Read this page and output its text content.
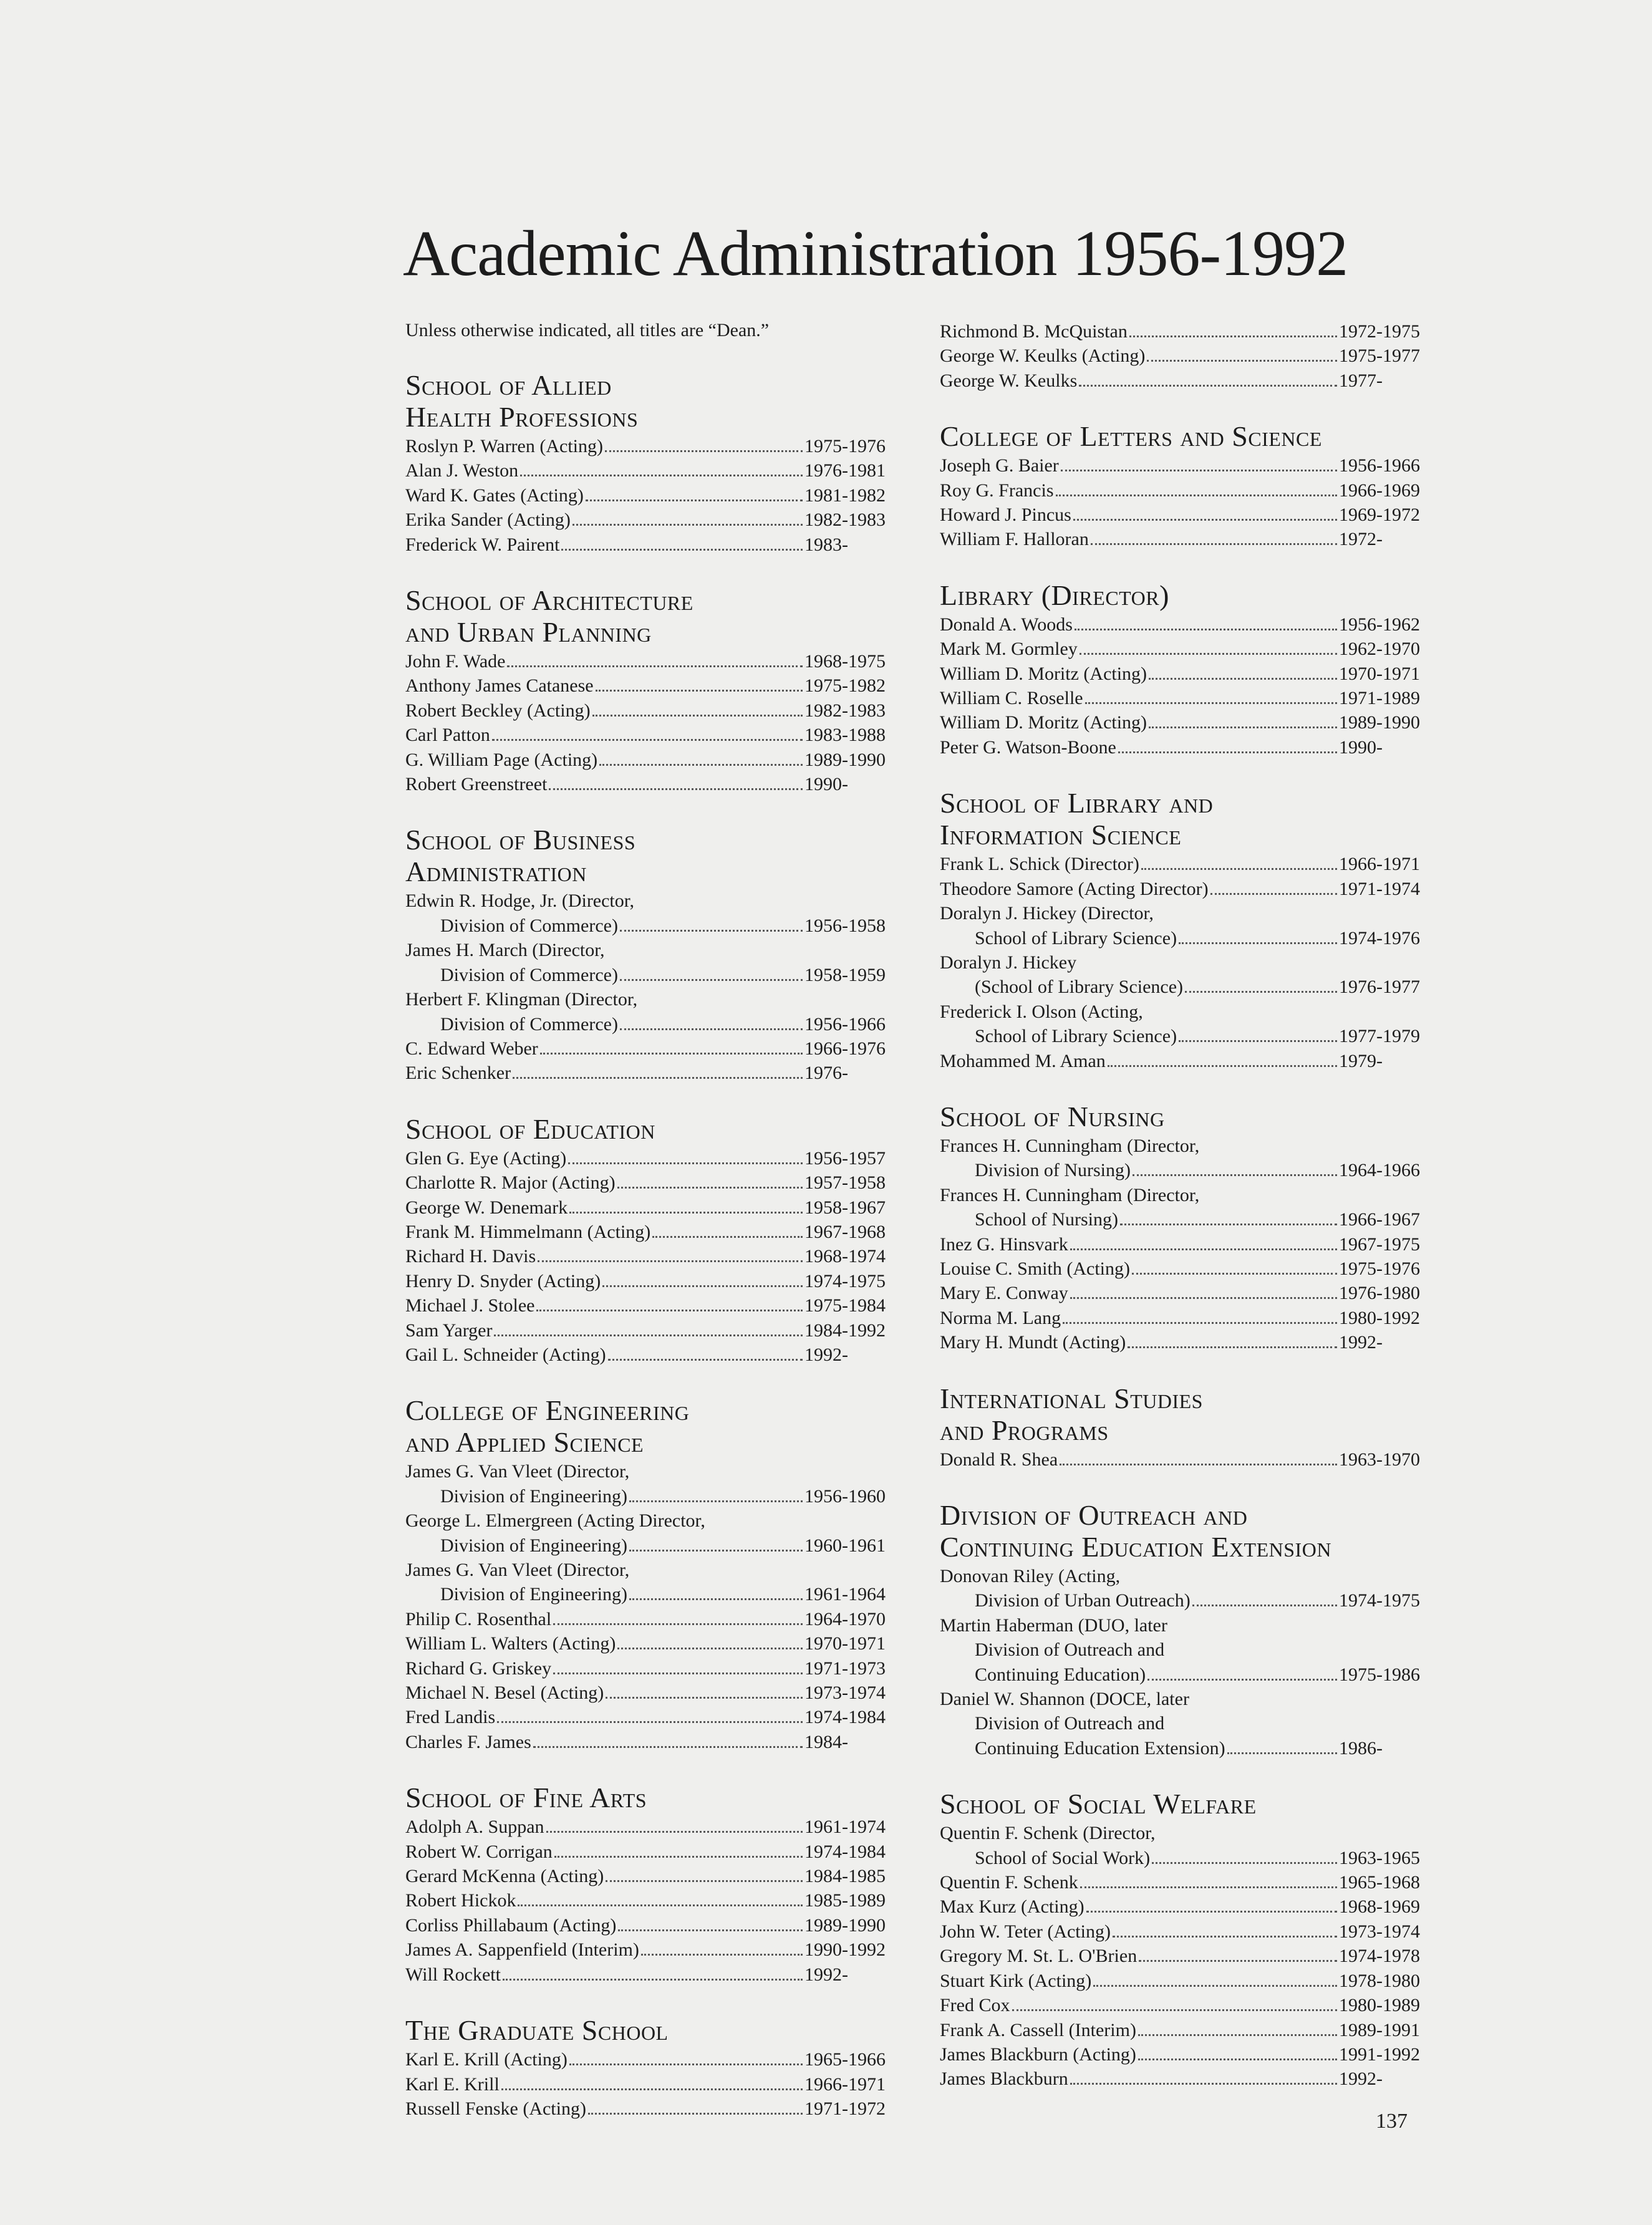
Academic Administration 1956-1992

Unless otherwise indicated, all titles are “Dean.”

School of Allied
Health Professions
Roslyn P. Warren (Acting)	1975-1976
Alan J. Weston	1976-1981
Ward K. Gates (Acting)	1981-1982
Erika Sander (Acting)	1982-1983
Frederick W. Pairent	1983-
School of Architecture
and Urban Planning
John F. Wade	1968-1975
Anthony James Catanese	1975-1982
Robert Beckley (Acting)	1982-1983
Carl Patton	1983-1988
G. William Page (Acting)	1989-1990
Robert Greenstreet	1990-
School of Business
Administration
Edwin R. Hodge, Jr. (Director,
Division of Commerce)	1956-1958
James H. March (Director,
Division of Commerce)	1958-1959
Herbert F. Klingman (Director,
Division of Commerce)	1956-1966
C. Edward Weber	1966-1976
Eric Schenker	1976-
School of Education
Glen G. Eye (Acting)	1956-1957
Charlotte R. Major (Acting)	1957-1958
George W. Denemark	1958-1967
Frank M. Himmelmann (Acting)	1967-1968
Richard H. Davis	1968-1974
Henry D. Snyder (Acting)	1974-1975
Michael J. Stolee	1975-1984
Sam Yarger	1984-1992
Gail L. Schneider (Acting)	1992-
College of Engineering
and Applied Science
James G. Van Vleet (Director,
Division of Engineering)	1956-1960
George L. Elmergreen (Acting Director,
Division of Engineering)	1960-1961
James G. Van Vleet (Director,
Division of Engineering)	1961-1964
Philip C. Rosenthal	1964-1970
William L. Walters (Acting)	1970-1971
Richard G. Griskey	1971-1973
Michael N. Besel (Acting)	1973-1974
Fred Landis	1974-1984
Charles F. James	1984-
School of Fine Arts
Adolph A. Suppan	1961-1974
Robert W. Corrigan	1974-1984
Gerard McKenna (Acting)	1984-1985
Robert Hickok	1985-1989
Corliss Phillabaum (Acting)	1989-1990
James A. Sappenfield (Interim)	1990-1992
Will Rockett	1992-
The Graduate School
Karl E. Krill (Acting)	1965-1966
Karl E. Krill	1966-1971
Russell Fenske (Acting)	1971-1972
Richmond B. McQuistan	1972-1975
George W. Keulks (Acting)	1975-1977
George W. Keulks	1977-
College of Letters and Science
Joseph G. Baier	1956-1966
Roy G. Francis	1966-1969
Howard J. Pincus	1969-1972
William F. Halloran	1972-
Library (Director)
Donald A. Woods	1956-1962
Mark M. Gormley	1962-1970
William D. Moritz (Acting)	1970-1971
William C. Roselle	1971-1989
William D. Moritz (Acting)	1989-1990
Peter G. Watson-Boone	1990-
School of Library and
Information Science
Frank L. Schick (Director)	1966-1971
Theodore Samore (Acting Director)	1971-1974
Doralyn J. Hickey (Director,
School of Library Science)	1974-1976
Doralyn J. Hickey
(School of Library Science)	1976-1977
Frederick I. Olson (Acting,
School of Library Science)	1977-1979
Mohammed M. Aman	1979-
School of Nursing
Frances H. Cunningham (Director,
Division of Nursing)	1964-1966
Frances H. Cunningham (Director,
School of Nursing)	1966-1967
Inez G. Hinsvark	1967-1975
Louise C. Smith (Acting)	1975-1976
Mary E. Conway	1976-1980
Norma M. Lang	1980-1992
Mary H. Mundt (Acting)	1992-
International Studies
and Programs
Donald R. Shea	1963-1970
Division of Outreach and
Continuing Education Extension
Donovan Riley (Acting,
Division of Urban Outreach)	1974-1975
Martin Haberman (DUO, later
Division of Outreach and
Continuing Education)	1975-1986
Daniel W. Shannon (DOCE, later
Division of Outreach and
Continuing Education Extension)	1986-
School of Social Welfare
Quentin F. Schenk (Director,
School of Social Work)	1963-1965
Quentin F. Schenk	1965-1968
Max Kurz (Acting)	1968-1969
John W. Teter (Acting)	1973-1974
Gregory M. St. L. O'Brien	1974-1978
Stuart Kirk (Acting)	1978-1980
Fred Cox	1980-1989
Frank A. Cassell (Interim)	1989-1991
James Blackburn (Acting)	1991-1992
James Blackburn	1992-
137
